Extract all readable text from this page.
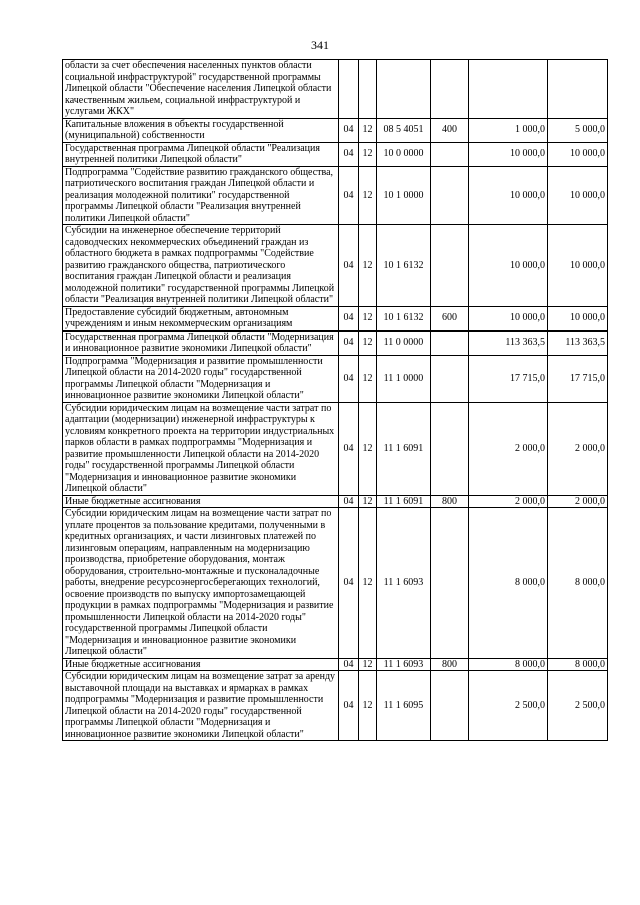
341
области за счет обеспечения населенных пунктов области социальной инфраструктурой" государственной программы Липецкой области "Обеспечение населения Липецкой области качественным жильем, социальной инфраструктурой и услугами ЖКХ"						
Капитальные вложения в объекты государственной (муниципальной) собственности	04	12	08 5 4051	400	1 000,0	5 000,0
Государственная программа Липецкой области "Реализация внутренней политики Липецкой области"	04	12	10 0 0000		10 000,0	10 000,0
Подпрограмма "Содействие развитию гражданского общества, патриотического воспитания граждан Липецкой области и реализация молодежной политики" государственной программы Липецкой области "Реализация внутренней политики Липецкой области"	04	12	10 1 0000		10 000,0	10 000,0
Субсидии на инженерное обеспечение территорий садоводческих некоммерческих объединений граждан из областного бюджета в рамках подпрограммы "Содействие развитию гражданского общества, патриотического воспитания граждан Липецкой области и реализация молодежной политики" государственной программы Липецкой области "Реализация внутренней политики Липецкой области"	04	12	10 1 6132		10 000,0	10 000,0
Предоставление субсидий бюджетным, автономным учреждениям и иным некоммерческим организациям	04	12	10 1 6132	600	10 000,0	10 000,0
Государственная программа Липецкой области "Модернизация и инновационное развитие экономики Липецкой области"	04	12	11 0 0000		113 363,5	113 363,5
Подпрограмма "Модернизация и развитие промышленности Липецкой области на 2014-2020 годы" государственной программы Липецкой области "Модернизация и инновационное развитие экономики Липецкой области"	04	12	11 1 0000		17 715,0	17 715,0
Субсидии юридическим лицам на возмещение части затрат по адаптации (модернизации) инженерной инфраструктуры к условиям конкретного проекта на территории индустриальных парков области в рамках подпрограммы "Модернизация и развитие промышленности Липецкой области на 2014-2020 годы" государственной программы Липецкой области "Модернизация и инновационное развитие экономики Липецкой области"	04	12	11 1 6091		2 000,0	2 000,0
Иные бюджетные ассигнования	04	12	11 1 6091	800	2 000,0	2 000,0
Субсидии юридическим лицам на возмещение части затрат по уплате процентов за пользование кредитами, полученными в кредитных организациях, и части лизинговых платежей по лизинговым операциям, направленным на модернизацию производства, приобретение оборудования, монтаж оборудования, строительно-монтажные и пусконаладочные работы, внедрение ресурсоэнергосберегающих технологий, освоение производств по выпуску импортозамещающей продукции в рамках подпрограммы "Модернизация и развитие промышленности Липецкой области на 2014-2020 годы" государственной программы Липецкой области "Модернизация и инновационное развитие экономики Липецкой области"	04	12	11 1 6093		8 000,0	8 000,0
Иные бюджетные ассигнования	04	12	11 1 6093	800	8 000,0	8 000,0
Субсидии юридическим лицам на возмещение затрат за аренду выставочной площади на выставках и ярмарках в рамках подпрограммы "Модернизация и развитие промышленности Липецкой области на 2014-2020 годы" государственной программы Липецкой области "Модернизация и инновационное развитие экономики Липецкой области"	04	12	11 1 6095		2 500,0	2 500,0
